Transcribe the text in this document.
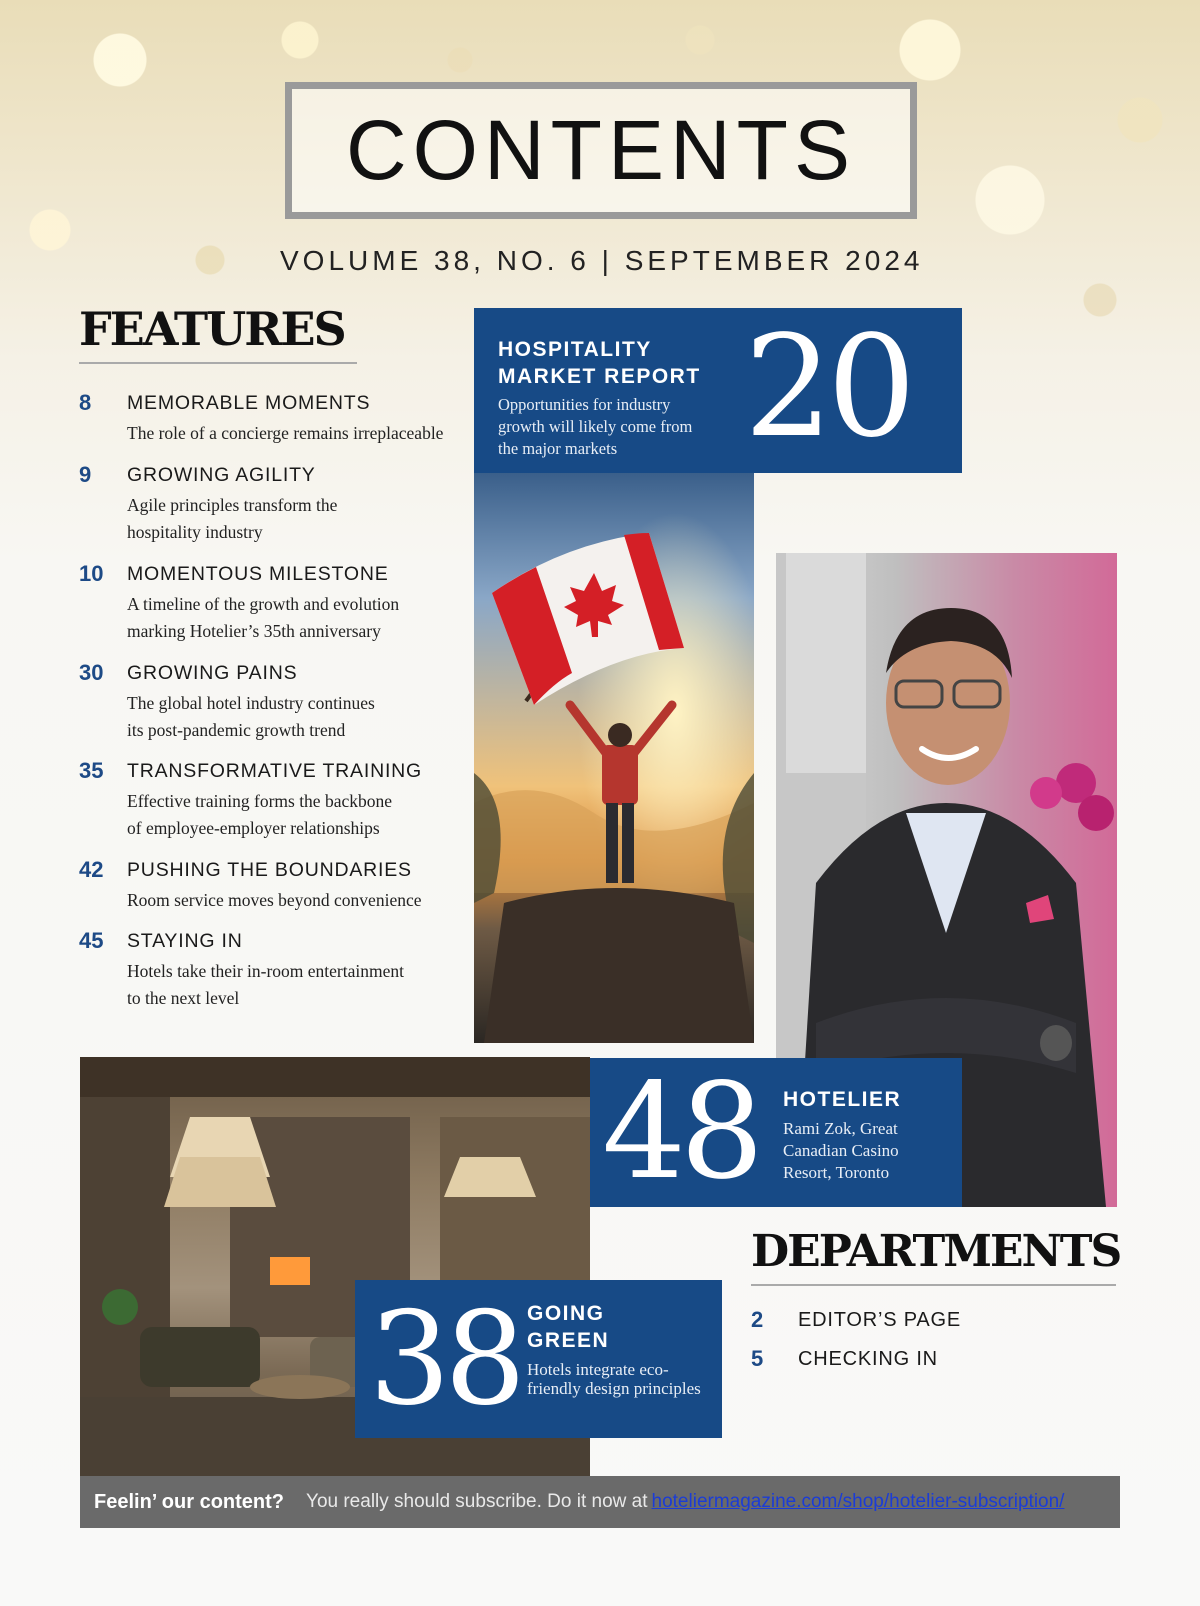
CONTENTS
VOLUME 38, NO. 6 | SEPTEMBER 2024
FEATURES
8 MEMORABLE MOMENTS
The role of a concierge remains irreplaceable
9 GROWING AGILITY
Agile principles transform the
hospitality industry
10 MOMENTOUS MILESTONE
A timeline of the growth and evolution
marking Hotelier’s 35th anniversary
30 GROWING PAINS
The global hotel industry continues
its post-pandemic growth trend
35 TRANSFORMATIVE TRAINING
Effective training forms the backbone
of employee-employer relationships
42 PUSHING THE BOUNDARIES
Room service moves beyond convenience
45 STAYING IN
Hotels take their in-room entertainment
to the next level
HOSPITALITY
MARKET REPORT
Opportunities for industry
growth will likely come from
the major markets 20
48 HOTELIER
Rami Zok, Great
Canadian Casino
Resort, Toronto
38 GOING
GREEN
Hotels integrate eco-
friendly design principles
DEPARTMENTS
2 EDITOR’S PAGE
5 CHECKING IN
Feelin’ our content? You really should subscribe. Do it now at hoteliermagazine.com/shop/hotelier-subscription/
